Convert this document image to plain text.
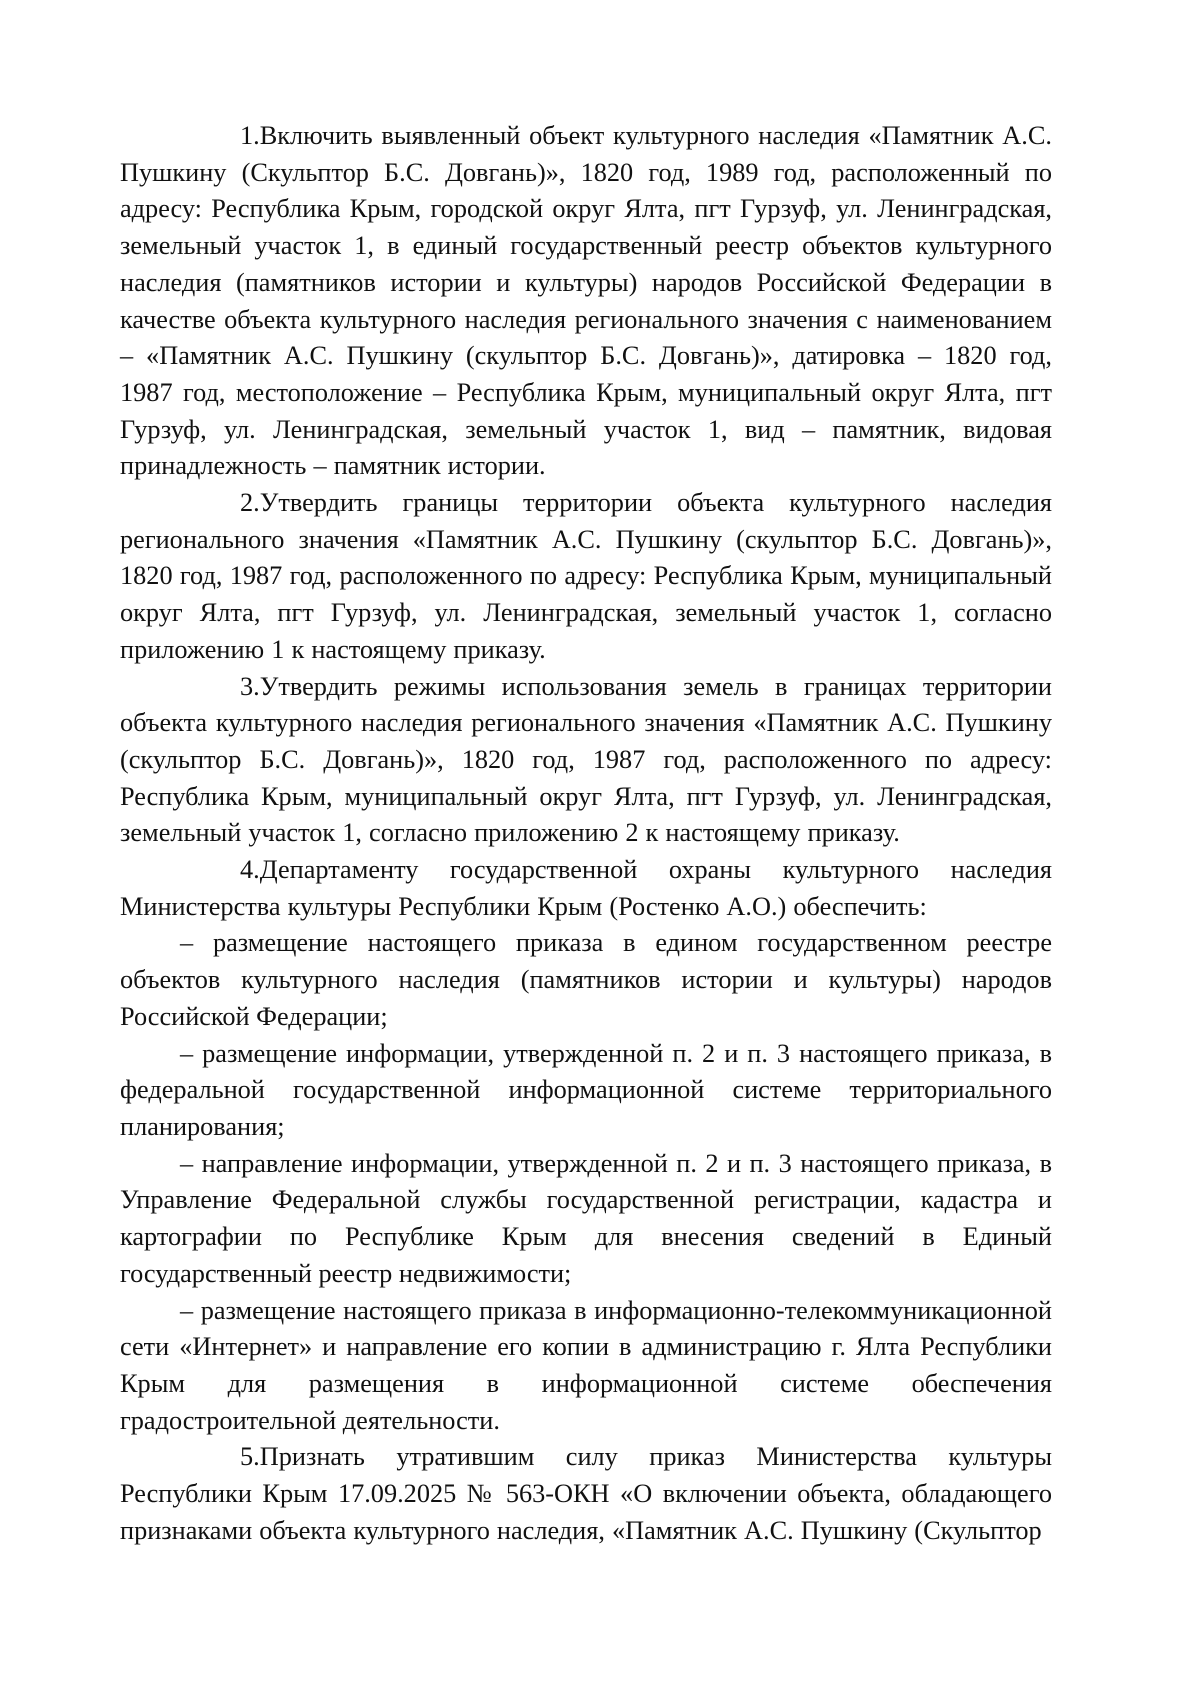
1.Включить выявленный объект культурного наследия «Памятник А.С. Пушкину (Скульптор Б.С. Довгань)», 1820 год, 1989 год, расположенный по адресу: Республика Крым, городской округ Ялта, пгт Гурзуф, ул. Ленинградская, земельный участок 1, в единый государственный реестр объектов культурного наследия (памятников истории и культуры) народов Российской Федерации в качестве объекта культурного наследия регионального значения с наименованием – «Памятник А.С. Пушкину (скульптор Б.С. Довгань)», датировка – 1820 год, 1987 год, местоположение – Республика Крым, муниципальный округ Ялта, пгт Гурзуф, ул. Ленинградская, земельный участок 1, вид – памятник, видовая принадлежность – памятник истории.

2.Утвердить границы территории объекта культурного наследия регионального значения «Памятник А.С. Пушкину (скульптор Б.С. Довгань)», 1820 год, 1987 год, расположенного по адресу: Республика Крым, муниципальный округ Ялта, пгт Гурзуф, ул. Ленинградская, земельный участок 1, согласно приложению 1 к настоящему приказу.

3.Утвердить режимы использования земель в границах территории объекта культурного наследия регионального значения «Памятник А.С. Пушкину (скульптор Б.С. Довгань)», 1820 год, 1987 год, расположенного по адресу: Республика Крым, муниципальный округ Ялта, пгт Гурзуф, ул. Ленинградская, земельный участок 1, согласно приложению 2 к настоящему приказу.

4.Департаменту государственной охраны культурного наследия Министерства культуры Республики Крым (Ростенко А.О.) обеспечить:

– размещение настоящего приказа в едином государственном реестре объектов культурного наследия (памятников истории и культуры) народов Российской Федерации;

– размещение информации, утвержденной п. 2 и п. 3 настоящего приказа, в федеральной государственной информационной системе территориального планирования;

– направление информации, утвержденной п. 2 и п. 3 настоящего приказа, в Управление Федеральной службы государственной регистрации, кадастра и картографии по Республике Крым для внесения сведений в Единый государственный реестр недвижимости;

– размещение настоящего приказа в информационно-телекоммуникационной сети «Интернет» и направление его копии в администрацию г. Ялта Республики Крым для размещения в информационной системе обеспечения градостроительной деятельности.

5.Признать утратившим силу приказ Министерства культуры Республики Крым 17.09.2025 № 563-ОКН «О включении объекта, обладающего признаками объекта культурного наследия, «Памятник А.С. Пушкину (Скульптор
